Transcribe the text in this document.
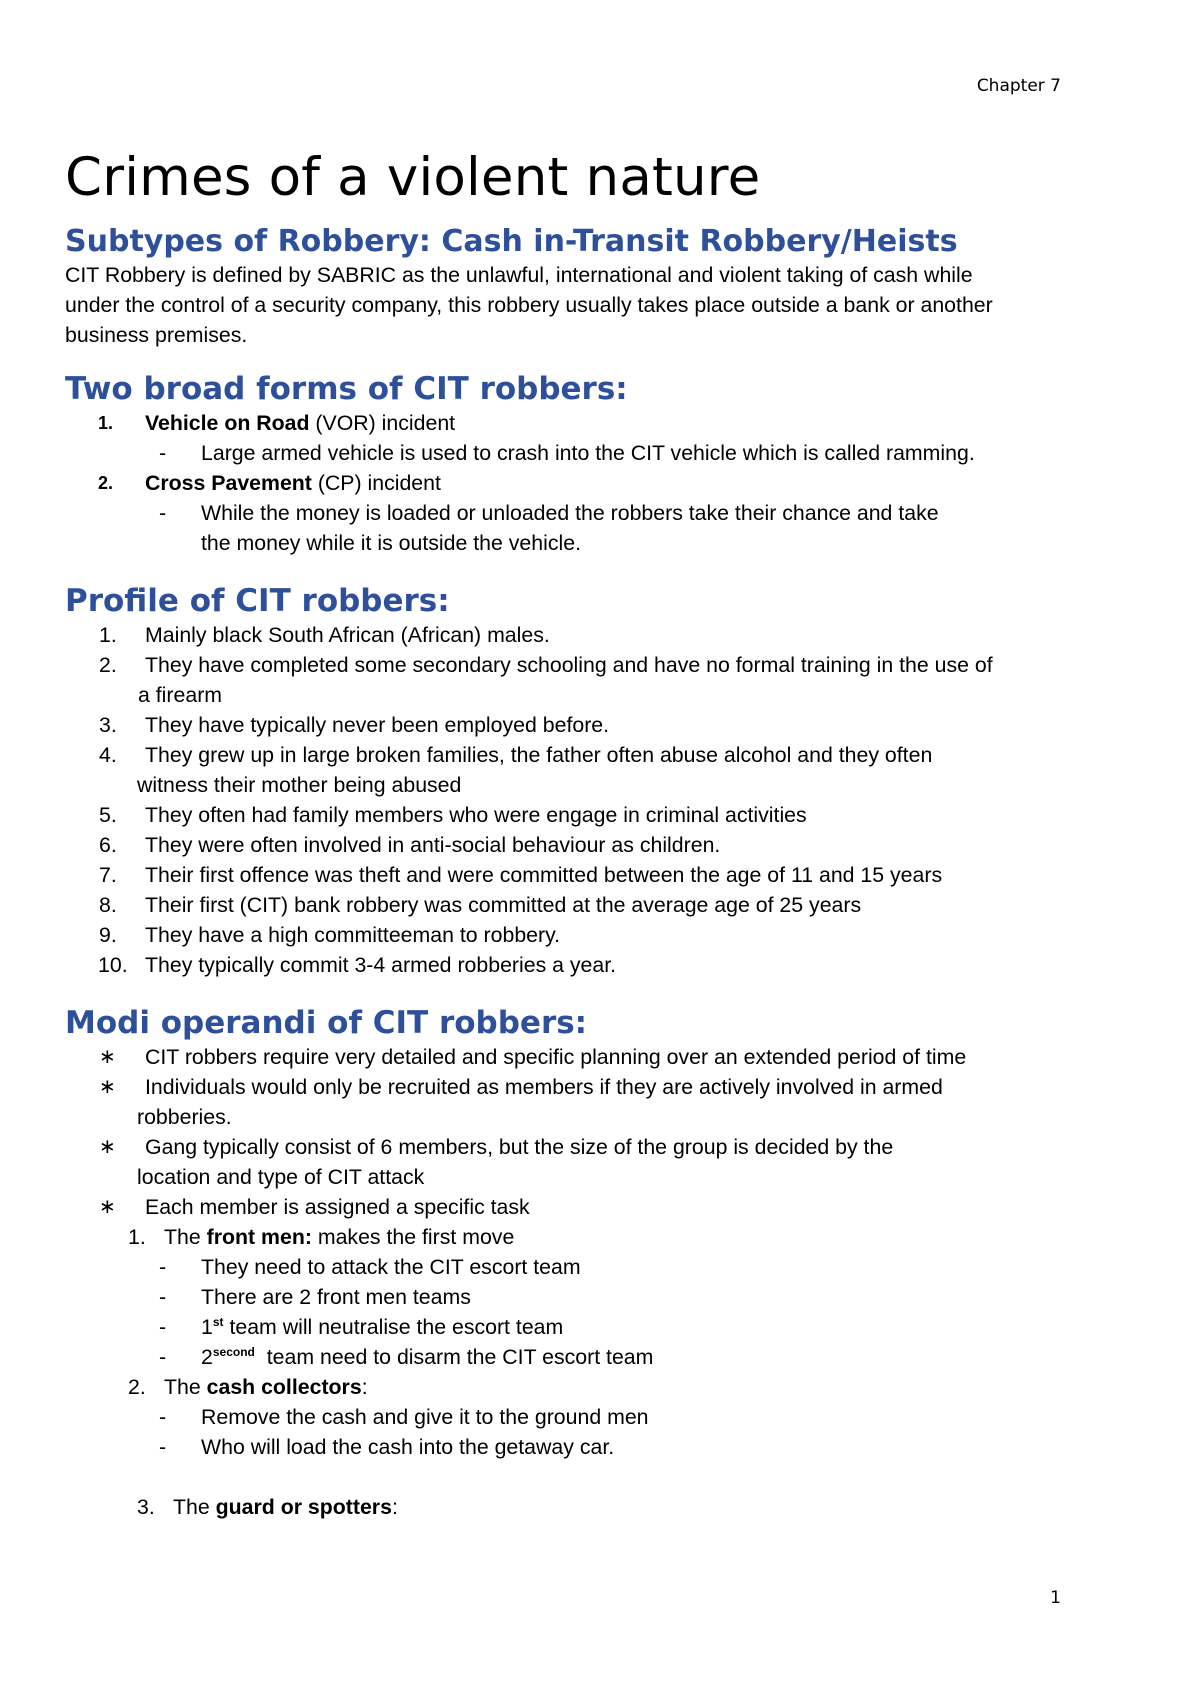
Chapter 7
Crimes of a violent nature
Subtypes of Robbery: Cash in-Transit Robbery/Heists
CIT Robbery is defined by SABRIC as the unlawful, international and violent taking of cash while
under the control of a security company, this robbery usually takes place outside a bank or another
business premises.
Two broad forms of CIT robbers:
1. Vehicle on Road (VOR) incident

- Large armed vehicle is used to crash into the CIT vehicle which is called ramming.

2. Cross Pavement (CP) incident

- While the money is loaded or unloaded the robbers take their chance and take

the money while it is outside the vehicle.

Profile of CIT robbers:
1. Mainly black South African (African) males.

2. They have completed some secondary schooling and have no formal training in the use of

a firearm

3. They have typically never been employed before.

4. They grew up in large broken families, the father often abuse alcohol and they often

witness their mother being abused

5. They often had family members who were engage in criminal activities

6. They were often involved in anti-social behaviour as children.

7. Their first offence was theft and were committed between the age of 11 and 15 years

8. Their first (CIT) bank robbery was committed at the average age of 25 years

9. They have a high committeeman to robbery.

10. They typically commit 3-4 armed robberies a year.

Modi operandi of CIT robbers:
∗ CIT robbers require very detailed and specific planning over an extended period of time

∗ Individuals would only be recruited as members if they are actively involved in armed

robberies.

∗ Gang typically consist of 6 members, but the size of the group is decided by the

location and type of CIT attack

∗ Each member is assigned a specific task

1. The front men: makes the first move

- They need to attack the CIT escort team

- There are 2 front men teams

- 1st team will neutralise the escort team

- $2^{second}$  team need to disarm the CIT escort team

2. The cash collectors:

- Remove the cash and give it to the ground men

- Who will load the cash into the getaway car.

3. The guard or spotters:

1
